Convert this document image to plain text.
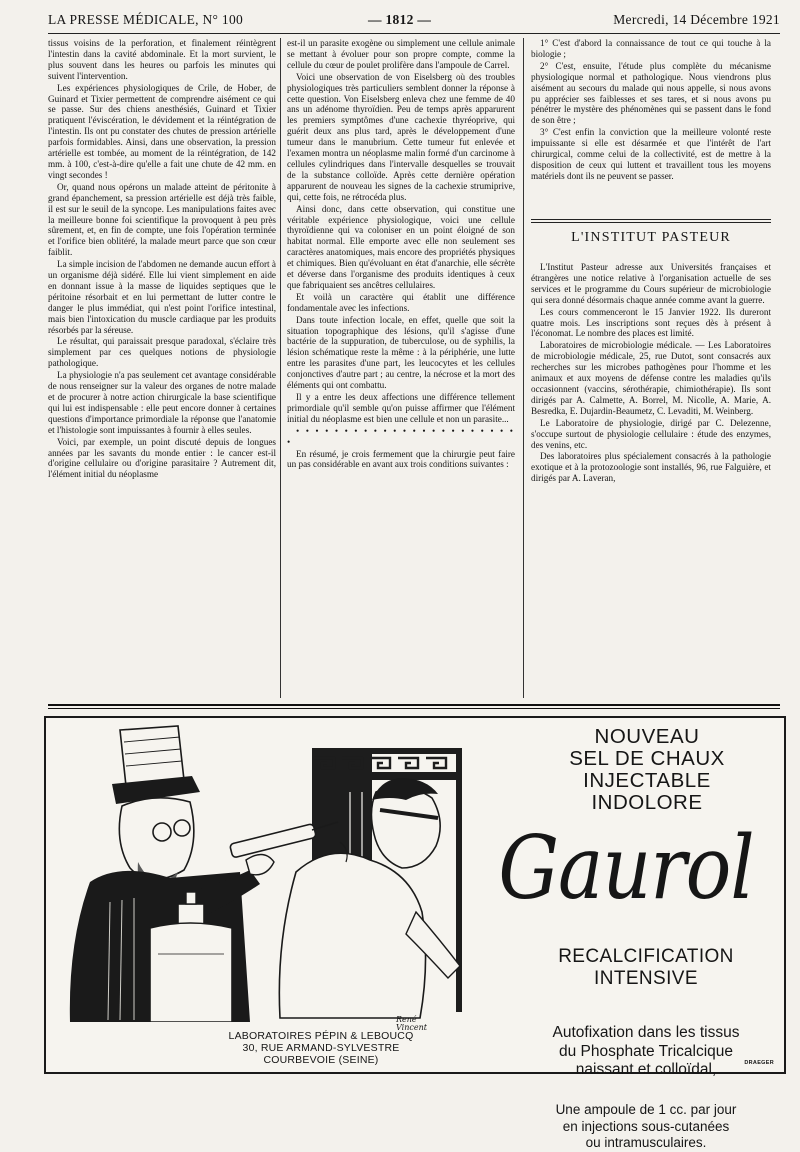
LA PRESSE MÉDICALE, N° 100	— 1812 —	Mercredi, 14 Décembre 1921

tissus voisins de la perforation, et finalement réintègrent l'intestin dans la cavité abdominale. Et la mort survient, le plus souvent dans les heures ou parfois les minutes qui suivent l'intervention.

Les expériences physiologiques de Crile, de Hober, de Guinard et Tixier permettent de comprendre aisément ce qui se passe. Sur des chiens anesthésiés, Guinard et Tixier pratiquent l'éviscération, le dévidement et la réintégration de l'intestin. Ils ont pu constater des chutes de pression artérielle parfois formidables. Ainsi, dans une observation, la pression artérielle est tombée, au moment de la réintégration, de 142 mm. à 100, c'est-à-dire qu'elle a fait une chute de 42 mm. en vingt secondes !

Or, quand nous opérons un malade atteint de péritonite à grand épanchement, sa pression artérielle est déjà très faible, il est sur le seuil de la syncope. Les manipulations faites avec la meilleure bonne foi scientifique la provoquent à peu près sûrement, et, en fin de compte, une fois l'opération terminée et l'orifice bien oblitéré, la malade meurt parce que son cœur faiblit.

La simple incision de l'abdomen ne demande aucun effort à un organisme déjà sidéré. Elle lui vient simplement en aide en donnant issue à la masse de liquides septiques que le péritoine résorbait et en lui permettant de lutter contre le danger le plus immédiat, qui n'est point l'orifice intestinal, mais bien l'intoxication du muscle cardiaque par les produits résorbés par la séreuse.

Le résultat, qui paraissait presque paradoxal, s'éclaire très simplement par ces quelques notions de physiologie pathologique.

La physiologie n'a pas seulement cet avantage considérable de nous renseigner sur la valeur des organes de notre malade et de procurer à notre action chirurgicale la base scientifique qui lui est indispensable : elle peut encore donner à certaines questions d'importance primordiale la réponse que l'anatomie et l'histologie sont impuissantes à fournir à elles seules.

Voici, par exemple, un point discuté depuis de longues années par les savants du monde entier : le cancer est-il d'origine cellulaire ou d'origine parasitaire ? Autrement dit, l'élément initial du néoplasme

est-il un parasite exogène ou simplement une cellule animale se mettant à évoluer pour son propre compte, comme la cellule du cœur de poulet prolifère dans l'ampoule de Carrel.

Voici une observation de von Eiselsberg où des troubles physiologiques très particuliers semblent donner la réponse à cette question. Von Eiselsberg enleva chez une femme de 40 ans un adénome thyroïdien. Peu de temps après apparurent les premiers symptômes d'une cachexie thyréoprive, qui guérit deux ans plus tard, après le développement d'une tumeur dans le manubrium. Cette tumeur fut enlevée et l'examen montra un néoplasme malin formé d'un carcinome à cellules cylindriques dans l'intervalle desquelles se trouvait de la substance colloïde. Après cette dernière opération apparurent de nouveau les signes de la cachexie strumiprive, qui, cette fois, ne rétrocéda plus.

Ainsi donc, dans cette observation, qui constitue une véritable expérience physiologique, voici une cellule thyroïdienne qui va coloniser en un point éloigné de son habitat normal. Elle emporte avec elle non seulement ses caractères anatomiques, mais encore des propriétés physiques et chimiques. Bien qu'évoluant en état d'anarchie, elle sécrète et déverse dans l'organisme des produits identiques à ceux que fabriquaient ses ancêtres cellulaires.

Et voilà un caractère qui établit une différence fondamentale avec les infections.

Dans toute infection locale, en effet, quelle que soit la situation topographique des lésions, qu'il s'agisse d'une bactérie de la suppuration, de tuberculose, ou de syphilis, la lésion schématique reste la même : à la périphérie, une lutte entre les parasites d'une part, les leucocytes et les cellules conjonctives d'autre part ; au centre, la nécrose et la mort des éléments qui ont combattu.

Il y a entre les deux affections une différence tellement primordiale qu'il semble qu'on puisse affirmer que l'élément initial du néoplasme est bien une cellule et non un parasite...

• • • • • • • • • • • • • • • • • • • • • • • •

En résumé, je crois fermement que la chirurgie peut faire un pas considérable en avant aux trois conditions suivantes :

1° C'est d'abord la connaissance de tout ce qui touche à la biologie ;

2° C'est, ensuite, l'étude plus complète du mécanisme physiologique normal et pathologique. Nous viendrons plus aisément au secours du malade qui nous appelle, si nous avons pu apprécier ses faiblesses et ses tares, et si nous avons pu pénétrer le mystère des phénomènes qui se passent dans le fond de son être ;

3° C'est enfin la conviction que la meilleure volonté reste impuissante si elle est désarmée et que l'intérêt de l'art chirurgical, comme celui de la collectivité, est de mettre à la disposition de ceux qui luttent et travaillent tous les moyens matériels dont ils ne peuvent se passer.

L'INSTITUT PASTEUR

L'Institut Pasteur adresse aux Universités françaises et étrangères une notice relative à l'organisation actuelle de ses services et le programme du Cours supérieur de microbiologie qui sera donné désormais chaque année comme avant la guerre.

Les cours commenceront le 15 Janvier 1922. Ils dureront quatre mois. Les inscriptions sont reçues dès à présent à l'économat. Le nombre des places est limité.

Laboratoires de microbiologie médicale. — Les Laboratoires de microbiologie médicale, 25, rue Dutot, sont consacrés aux recherches sur les microbes pathogènes pour l'homme et les animaux et aux moyens de défense contre les maladies qu'ils occasionnent (vaccins, sérothérapie, chimiothérapie). Ils sont dirigés par A. Calmette, A. Borrel, M. Nicolle, A. Marie, A. Besredka, E. Dujardin-Beaumetz, C. Levaditi, M. Weinberg.

Le Laboratoire de physiologie, dirigé par C. Delezenne, s'occupe surtout de physiologie cellulaire : étude des enzymes, des venins, etc.

Des laboratoires plus spécialement consacrés à la pathologie exotique et à la protozoologie sont installés, 96, rue Falguière, et dirigés par A. Laveran,

René
Vincent
NOUVEAU
SEL DE CHAUX
INJECTABLE
INDOLORE
Gaurol
RECALCIFICATION
INTENSIVE
Autofixation dans les tissus
du Phosphate Tricalcique
naissant et colloïdal,
Une ampoule de 1 cc. par jour
en injections sous-cutanées
ou intramusculaires.
LABORATOIRES PÉPIN & LEBOUCQ
30, RUE ARMAND-SYLVESTRE
COURBEVOIE (SEINE)	DRAEGER
